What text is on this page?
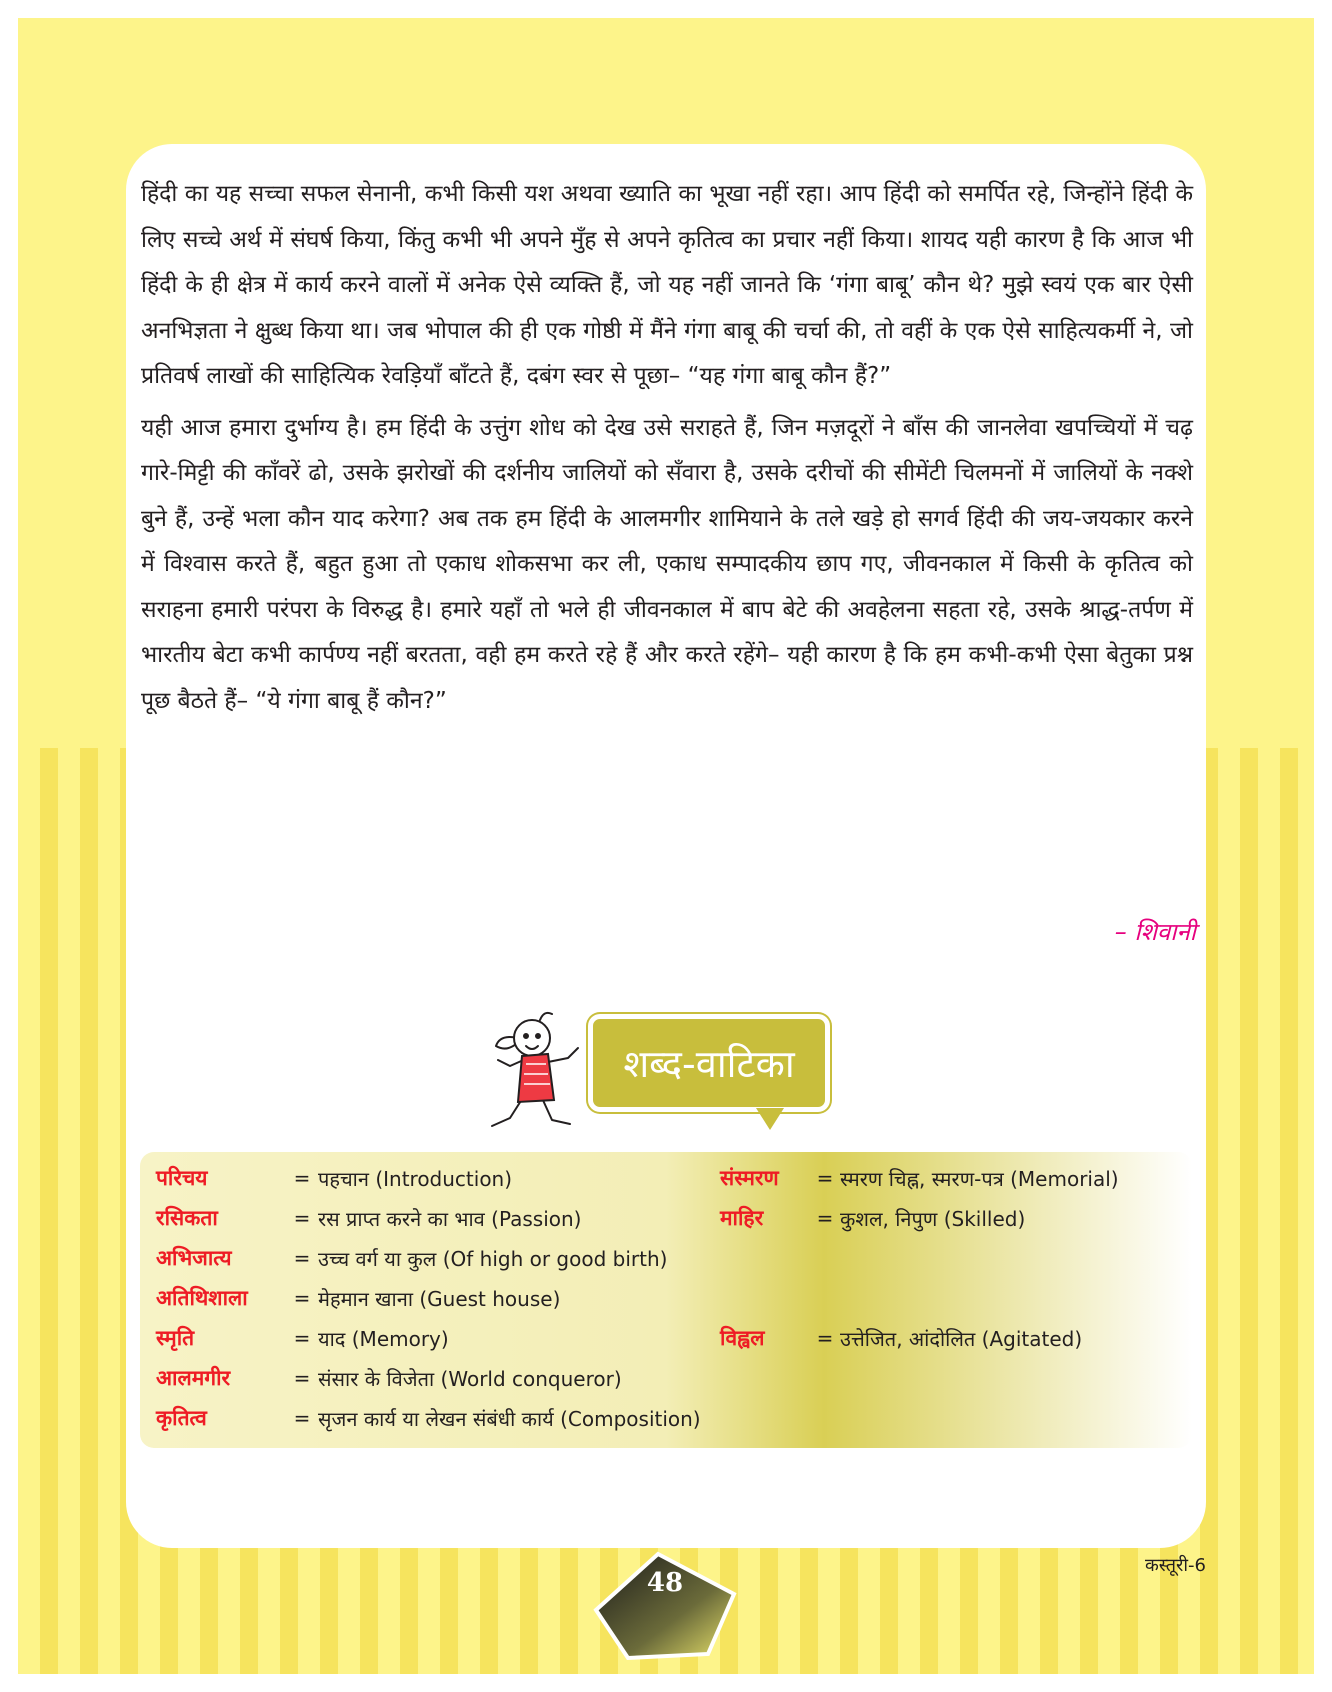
हिंदी का यह सच्चा सफल सेनानी, कभी किसी यश अथवा ख्याति का भूखा नहीं रहा। आप हिंदी को समर्पित रहे, जिन्होंने हिंदी के लिए सच्चे अर्थ में संघर्ष किया, किंतु कभी भी अपने मुँह से अपने कृतित्व का प्रचार नहीं किया। शायद यही कारण है कि आज भी हिंदी के ही क्षेत्र में कार्य करने वालों में अनेक ऐसे व्यक्ति हैं, जो यह नहीं जानते कि ‘गंगा बाबू’ कौन थे? मुझे स्वयं एक बार ऐसी अनभिज्ञता ने क्षुब्ध किया था। जब भोपाल की ही एक गोष्ठी में मैंने गंगा बाबू की चर्चा की, तो वहीं के एक ऐसे साहित्यकर्मी ने, जो प्रतिवर्ष लाखों की साहित्यिक रेवड़ियाँ बाँटते हैं, दबंग स्वर से पूछा– “यह गंगा बाबू कौन हैं?”

यही आज हमारा दुर्भाग्य है। हम हिंदी के उत्तुंग शोध को देख उसे सराहते हैं, जिन मज़दूरों ने बाँस की जानलेवा खपच्चियों में चढ़ गारे-मिट्टी की काँवरें ढो, उसके झरोखों की दर्शनीय जालियों को सँवारा है, उसके दरीचों की सीमेंटी चिलमनों में जालियों के नक्शे बुने हैं, उन्हें भला कौन याद करेगा? अब तक हम हिंदी के आलमगीर शामियाने के तले खड़े हो सगर्व हिंदी की जय-जयकार करने में विश्वास करते हैं, बहुत हुआ तो एकाध शोकसभा कर ली, एकाध सम्पादकीय छाप गए, जीवनकाल में किसी के कृतित्व को सराहना हमारी परंपरा के विरुद्ध है। हमारे यहाँ तो भले ही जीवनकाल में बाप बेटे की अवहेलना सहता रहे, उसके श्राद्ध-तर्पण में भारतीय बेटा कभी कार्पण्य नहीं बरतता, वही हम करते रहे हैं और करते रहेंगे– यही कारण है कि हम कभी-कभी ऐसा बेतुका प्रश्न पूछ बैठते हैं– “ये गंगा बाबू हैं कौन?”

– शिवानी
शब्द-वाटिका
परिचय	= पहचान (Introduction)
रसिकता	= रस प्राप्त करने का भाव (Passion)
अभिजात्य	= उच्च वर्ग या कुल (Of high or good birth)
अतिथिशाला	= मेहमान खाना (Guest house)
स्मृति	= याद (Memory)
आलमगीर	= संसार के विजेता (World conqueror)
कृतित्व	= सृजन कार्य या लेखन संबंधी कार्य (Composition)
संस्मरण	= स्मरण चिह्न, स्मरण-पत्र (Memorial)
माहिर	= कुशल, निपुण (Skilled)
विह्वल	= उत्तेजित, आंदोलित (Agitated)
कस्तूरी-6
48
